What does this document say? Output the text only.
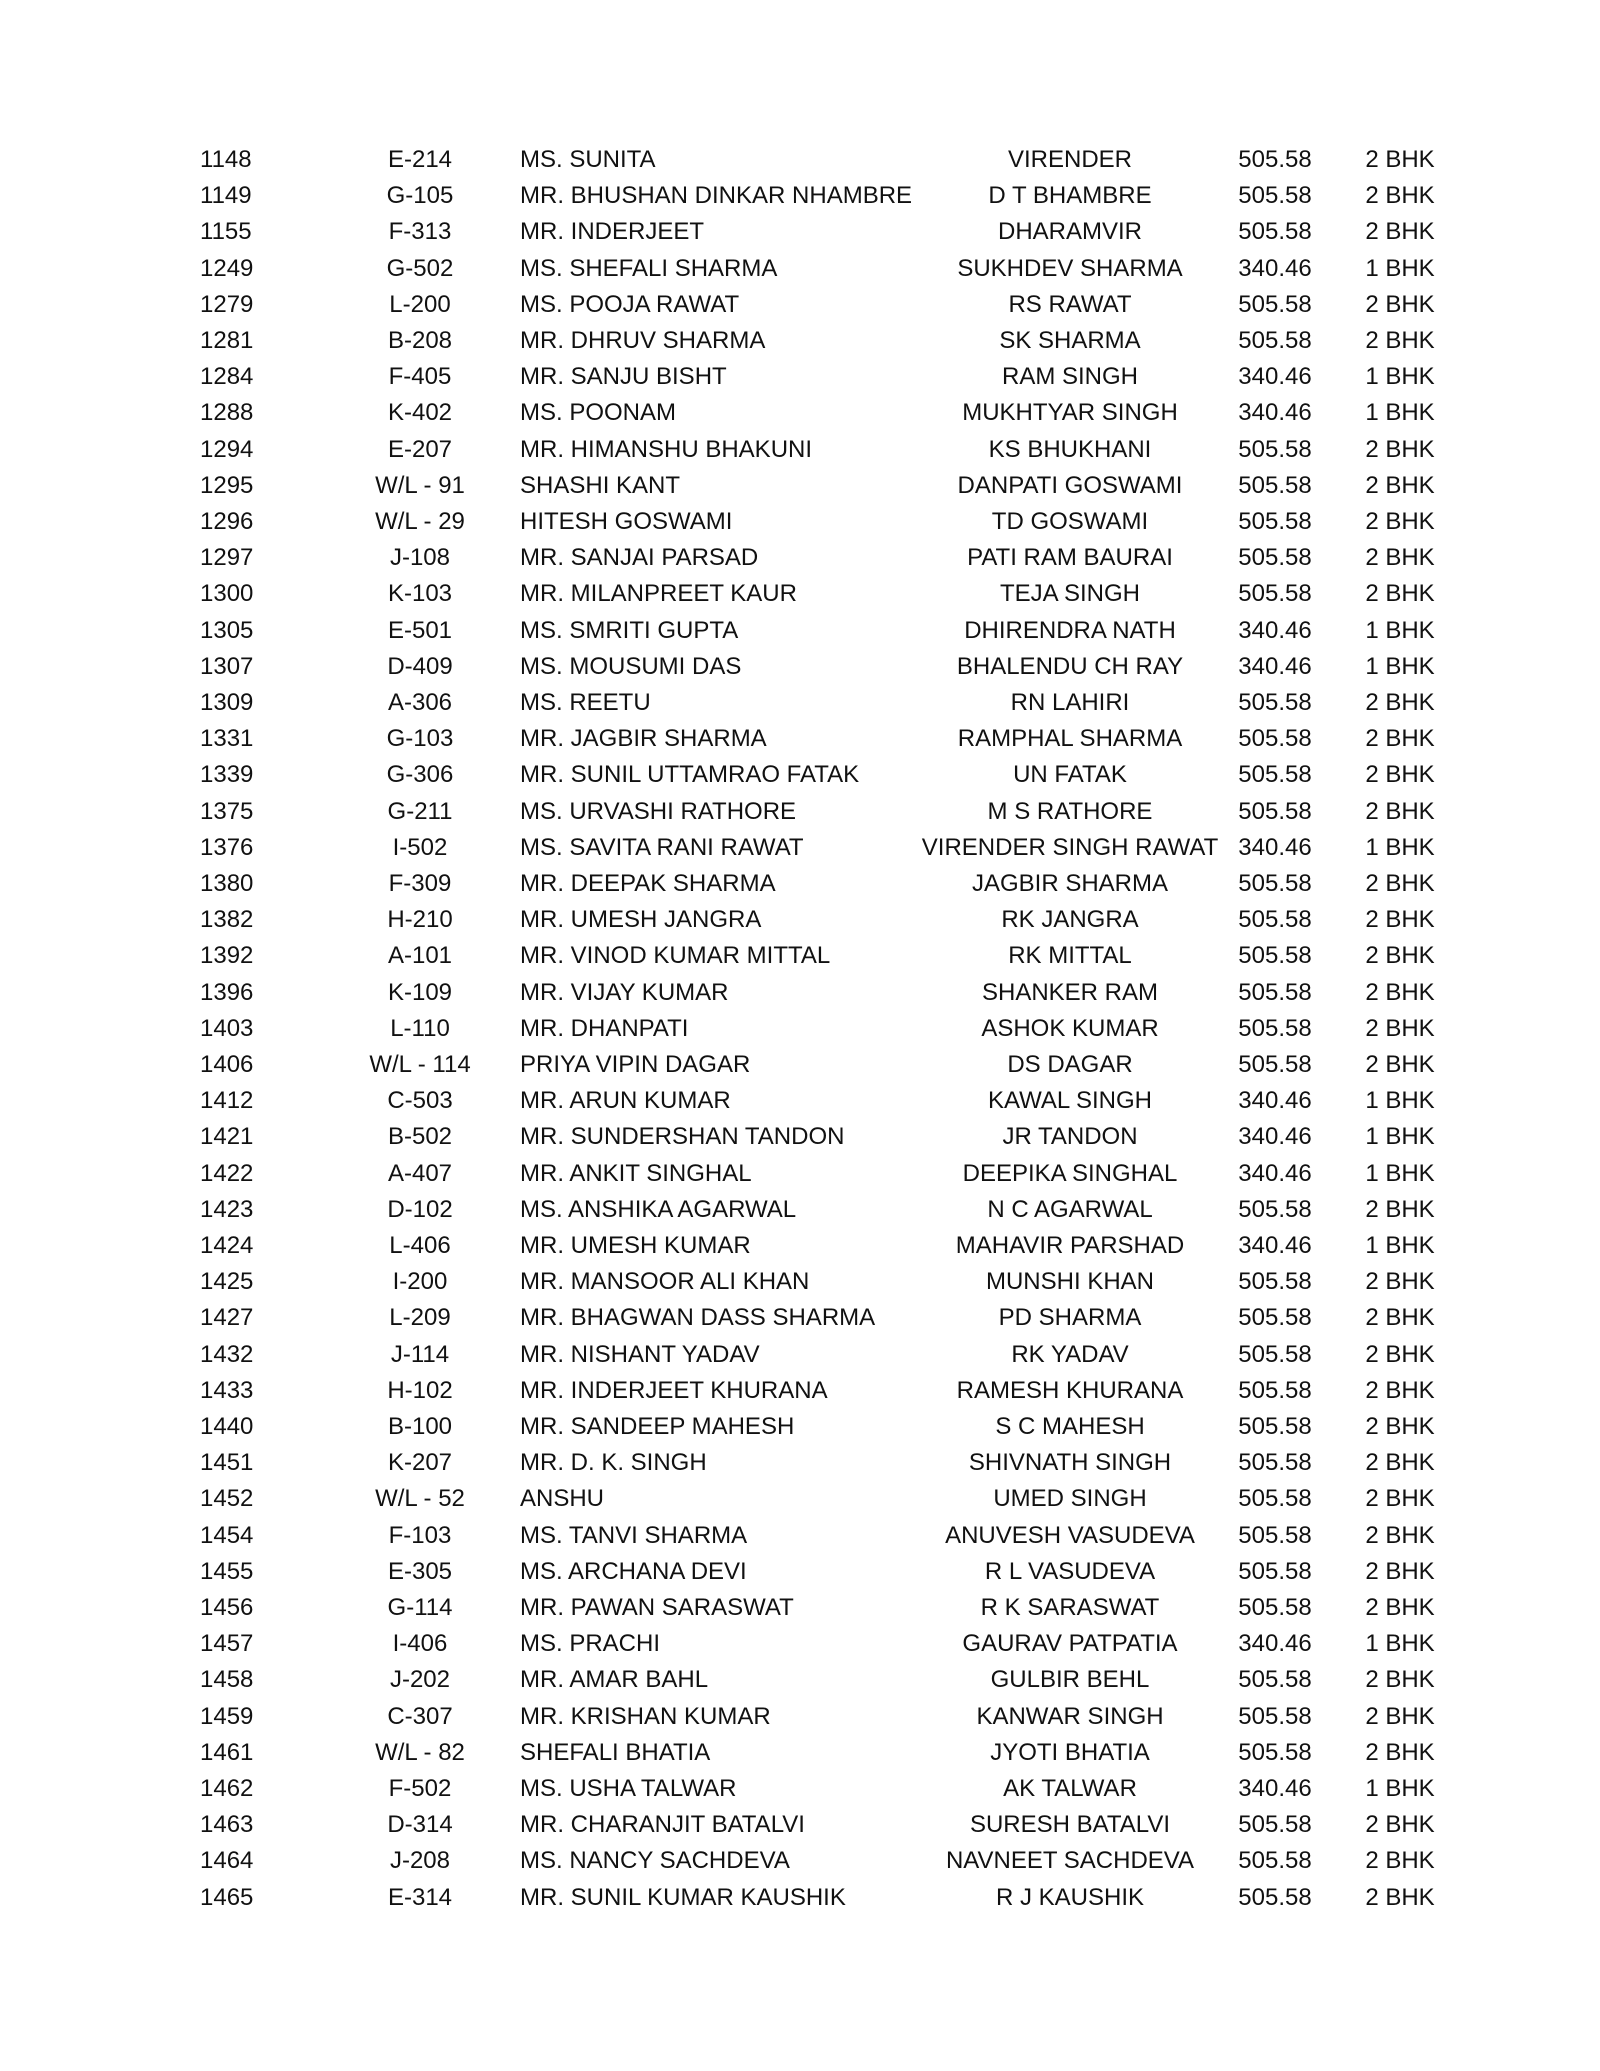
1148	E-214	MS. SUNITA	VIRENDER	505.58	2 BHK
1149	G-105	MR. BHUSHAN DINKAR NHAMBRE	D T BHAMBRE	505.58	2 BHK
1155	F-313	MR. INDERJEET	DHARAMVIR	505.58	2 BHK
1249	G-502	MS. SHEFALI SHARMA	SUKHDEV SHARMA	340.46	1 BHK
1279	L-200	MS. POOJA RAWAT	RS RAWAT	505.58	2 BHK
1281	B-208	MR. DHRUV SHARMA	SK SHARMA	505.58	2 BHK
1284	F-405	MR. SANJU BISHT	RAM SINGH	340.46	1 BHK
1288	K-402	MS. POONAM	MUKHTYAR SINGH	340.46	1 BHK
1294	E-207	MR. HIMANSHU BHAKUNI	KS BHUKHANI	505.58	2 BHK
1295	W/L - 91	SHASHI KANT	DANPATI GOSWAMI	505.58	2 BHK
1296	W/L - 29	HITESH GOSWAMI	TD GOSWAMI	505.58	2 BHK
1297	J-108	MR. SANJAI PARSAD	PATI RAM BAURAI	505.58	2 BHK
1300	K-103	MR. MILANPREET KAUR	TEJA SINGH	505.58	2 BHK
1305	E-501	MS. SMRITI GUPTA	DHIRENDRA NATH	340.46	1 BHK
1307	D-409	MS. MOUSUMI DAS	BHALENDU CH RAY	340.46	1 BHK
1309	A-306	MS. REETU	RN LAHIRI	505.58	2 BHK
1331	G-103	MR. JAGBIR SHARMA	RAMPHAL SHARMA	505.58	2 BHK
1339	G-306	MR. SUNIL UTTAMRAO FATAK	UN FATAK	505.58	2 BHK
1375	G-211	MS. URVASHI RATHORE	M S RATHORE	505.58	2 BHK
1376	I-502	MS. SAVITA RANI RAWAT	VIRENDER SINGH RAWAT 340.46	1 BHK
1380	F-309	MR. DEEPAK SHARMA	JAGBIR SHARMA	505.58	2 BHK
1382	H-210	MR. UMESH JANGRA	RK JANGRA	505.58	2 BHK
1392	A-101	MR. VINOD KUMAR MITTAL	RK MITTAL	505.58	2 BHK
1396	K-109	MR. VIJAY KUMAR	SHANKER RAM	505.58	2 BHK
1403	L-110	MR. DHANPATI	ASHOK KUMAR	505.58	2 BHK
1406	W/L - 114	PRIYA VIPIN DAGAR	DS DAGAR	505.58	2 BHK
1412	C-503	MR. ARUN KUMAR	KAWAL SINGH	340.46	1 BHK
1421	B-502	MR. SUNDERSHAN TANDON	JR TANDON	340.46	1 BHK
1422	A-407	MR. ANKIT SINGHAL	DEEPIKA SINGHAL	340.46	1 BHK
1423	D-102	MS. ANSHIKA AGARWAL	N C AGARWAL	505.58	2 BHK
1424	L-406	MR. UMESH KUMAR	MAHAVIR PARSHAD	340.46	1 BHK
1425	I-200	MR. MANSOOR ALI KHAN	MUNSHI KHAN	505.58	2 BHK
1427	L-209	MR. BHAGWAN DASS SHARMA	PD SHARMA	505.58	2 BHK
1432	J-114	MR. NISHANT YADAV	RK YADAV	505.58	2 BHK
1433	H-102	MR. INDERJEET KHURANA	RAMESH KHURANA	505.58	2 BHK
1440	B-100	MR. SANDEEP MAHESH	S C MAHESH	505.58	2 BHK
1451	K-207	MR. D. K. SINGH	SHIVNATH SINGH	505.58	2 BHK
1452	W/L - 52	ANSHU	UMED SINGH	505.58	2 BHK
1454	F-103	MS. TANVI SHARMA	ANUVESH VASUDEVA	505.58	2 BHK
1455	E-305	MS. ARCHANA DEVI	R L VASUDEVA	505.58	2 BHK
1456	G-114	MR. PAWAN SARASWAT	R K SARASWAT	505.58	2 BHK
1457	I-406	MS. PRACHI	GAURAV PATPATIA	340.46	1 BHK
1458	J-202	MR. AMAR BAHL	GULBIR BEHL	505.58	2 BHK
1459	C-307	MR. KRISHAN KUMAR	KANWAR SINGH	505.58	2 BHK
1461	W/L - 82	SHEFALI BHATIA	JYOTI BHATIA	505.58	2 BHK
1462	F-502	MS. USHA TALWAR	AK TALWAR	340.46	1 BHK
1463	D-314	MR. CHARANJIT BATALVI	SURESH BATALVI	505.58	2 BHK
1464	J-208	MS. NANCY SACHDEVA	NAVNEET SACHDEVA	505.58	2 BHK
1465	E-314	MR. SUNIL KUMAR KAUSHIK	R J KAUSHIK	505.58	2 BHK
